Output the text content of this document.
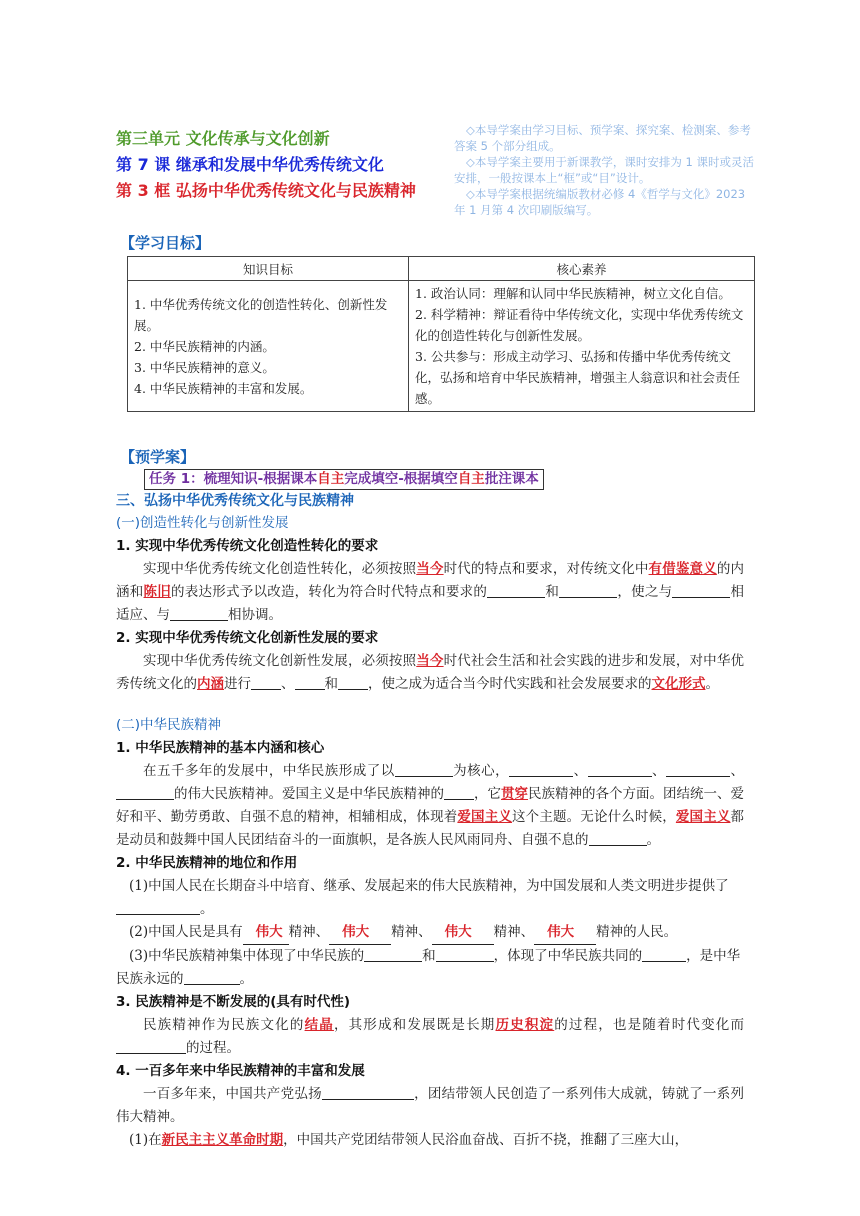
第三单元 文化传承与文化创新
第 7 课 继承和发展中华优秀传统文化
第 3 框 弘扬中华优秀传统文化与民族精神

◇本导学案由学习目标、预学案、探究案、检测案、参考答案 5 个部分组成。

◇本导学案主要用于新课教学，课时安排为 1 课时或灵活安排，一般按课本上“框”或“目”设计。

◇本导学案根据统编版教材必修 4《哲学与文化》2023 年 1 月第 4 次印刷版编写。

【学习目标】
知识目标	核心素养

1. 中华优秀传统文化的创造性转化、创新性发展。
2. 中华民族精神的内涵。
3. 中华民族精神的意义。
4. 中华民族精神的丰富和发展。	1. 政治认同：理解和认同中华民族精神，树立文化自信。
2. 科学精神：辩证看待中华传统文化，实现中华优秀传统文化的创造性转化与创新性发展。
3. 公共参与：形成主动学习、弘扬和传播中华优秀传统文化，弘扬和培育中华民族精神，增强主人翁意识和社会责任感。
【预学案】
任务 1：梳理知识-根据课本自主完成填空-根据填空自主批注课本
三、弘扬中华优秀传统文化与民族精神
(一)创造性转化与创新性发展
1. 实现中华优秀传统文化创造性转化的要求
实现中华优秀传统文化创造性转化，必须按照当今时代的特点和要求，对传统文化中有借鉴意义的内涵和陈旧的表达形式予以改造，转化为符合时代特点和要求的	和	，使之与	相适应、与	相协调。
2. 实现中华优秀传统文化创新性发展的要求
实现中华优秀传统文化创新性发展，必须按照当今时代社会生活和社会实践的进步和发展，对中华优秀传统文化的内涵进行 、 和 ，使之成为适合当今时代实践和社会发展要求的文化形式。
(二)中华民族精神
1. 中华民族精神的基本内涵和核心
在五千多年的发展中，中华民族形成了以	为核心，	、	、	、的伟大民族精神。爱国主义是中华民族精神的 ，它贯穿民族精神的各个方面。团结统一、爱好和平、勤劳勇敢、自强不息的精神，相辅相成，体现着爱国主义这个主题。无论什么时候，爱国主义都是动员和鼓舞中国人民团结奋斗的一面旗帜，是各族人民风雨同舟、自强不息的	。
2. 中华民族精神的地位和作用
(1)中国人民在长期奋斗中培育、继承、发展起来的伟大民族精神，为中国发展和人类文明进步提供了。
(2)中国人民是具有 伟大 精神、 伟大 精神、 伟大 精神、 伟大 精神的人民。
(3)中华民族精神集中体现了中华民族的	和	，体现了中华民族共同的	，是中华民族永远的	。
3. 民族精神是不断发展的(具有时代性)
民族精神作为民族文化的结晶，其形成和发展既是长期历史积淀的过程，也是随着时代变化而的过程。
4. 一百多年来中华民族精神的丰富和发展
一百多年来，中国共产党弘扬	，团结带领人民创造了一系列伟大成就，铸就了一系列伟大精神。
(1)在新民主主义革命时期，中国共产党团结带领人民浴血奋战、百折不挠，推翻了三座大山，
